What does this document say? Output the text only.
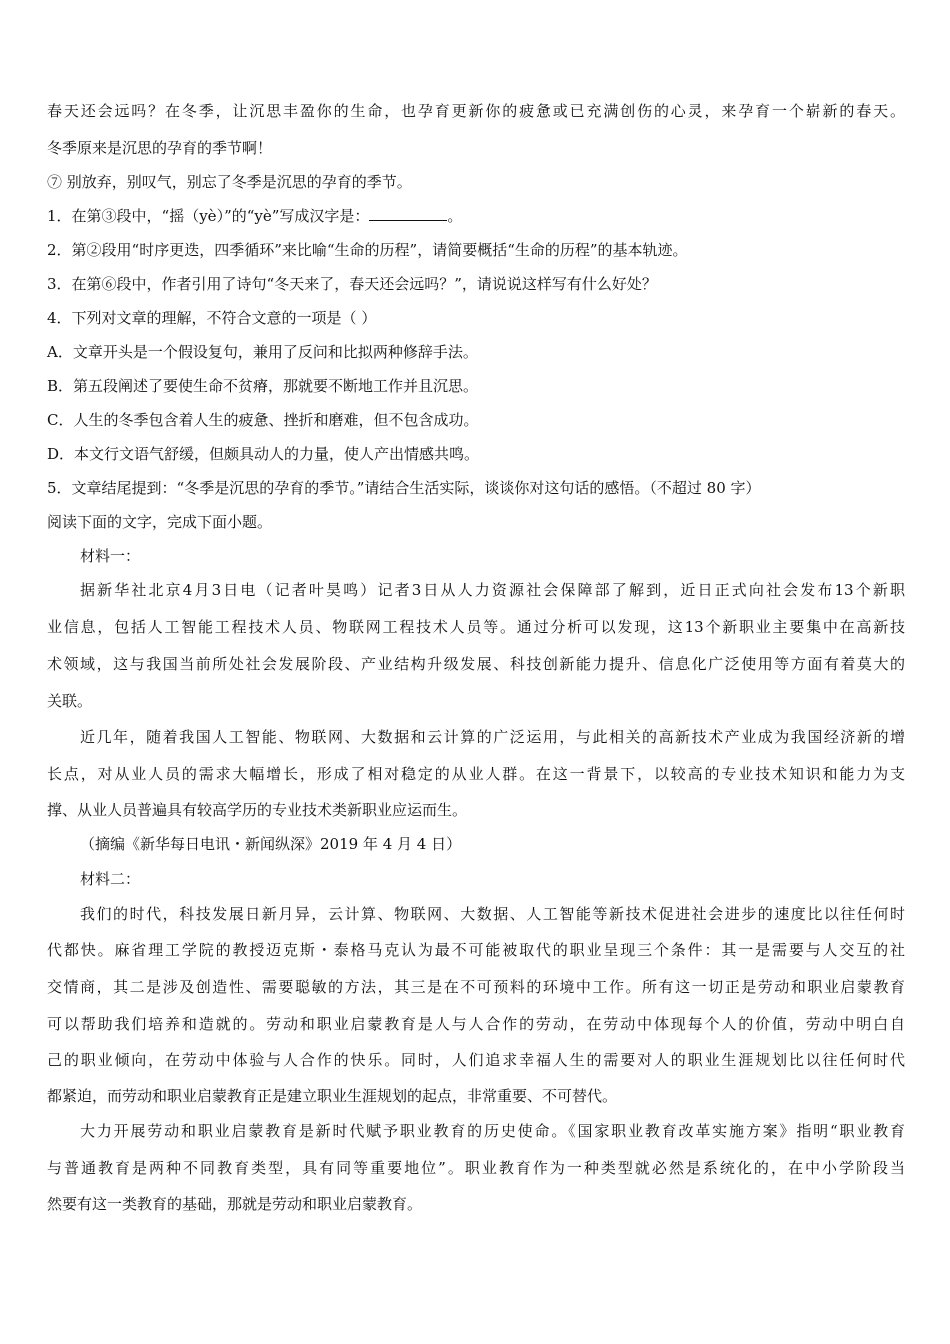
春天还会远吗？在冬季，让沉思丰盈你的生命，也孕育更新你的疲惫或已充满创伤的心灵，来孕育一个崭新的春天。

冬季原来是沉思的孕育的季节啊！

⑦ 别放弃，别叹气，别忘了冬季是沉思的孕育的季节。

1．在第③段中，“摇（yè）”的“yè”写成汉字是：	。

2．第②段用“时序更迭，四季循环”来比喻“生命的历程”，请简要概括“生命的历程”的基本轨迹。

3．在第⑥段中，作者引用了诗句“冬天来了，春天还会远吗？”，请说说这样写有什么好处？

4．下列对文章的理解，不符合文意的一项是（ ）

A．文章开头是一个假设复句，兼用了反问和比拟两种修辞手法。

B．第五段阐述了要使生命不贫瘠，那就要不断地工作并且沉思。

C．人生的冬季包含着人生的疲惫、挫折和磨难，但不包含成功。

D．本文行文语气舒缓，但颇具动人的力量，使人产出情感共鸣。

5．文章结尾提到：“冬季是沉思的孕育的季节。”请结合生活实际，谈谈你对这句话的感悟。（不超过 80 字）

阅读下面的文字，完成下面小题。

材料一：

据新华社北京4月3日电（记者叶昊鸣）记者3日从人力资源社会保障部了解到，近日正式向社会发布13个新职

业信息，包括人工智能工程技术人员、物联网工程技术人员等。通过分析可以发现，这13个新职业主要集中在高新技

术领域，这与我国当前所处社会发展阶段、产业结构升级发展、科技创新能力提升、信息化广泛使用等方面有着莫大的

关联。

近几年，随着我国人工智能、物联网、大数据和云计算的广泛运用，与此相关的高新技术产业成为我国经济新的增

长点，对从业人员的需求大幅增长，形成了相对稳定的从业人群。在这一背景下，以较高的专业技术知识和能力为支

撑、从业人员普遍具有较高学历的专业技术类新职业应运而生。

（摘编《新华每日电讯・新闻纵深》2019 年 4 月 4 日）

材料二：

我们的时代，科技发展日新月异，云计算、物联网、大数据、人工智能等新技术促进社会进步的速度比以往任何时

代都快。麻省理工学院的教授迈克斯・泰格马克认为最不可能被取代的职业呈现三个条件：其一是需要与人交互的社

交情商，其二是涉及创造性、需要聪敏的方法，其三是在不可预料的环境中工作。所有这一切正是劳动和职业启蒙教育

可以帮助我们培养和造就的。劳动和职业启蒙教育是人与人合作的劳动，在劳动中体现每个人的价值，劳动中明白自

己的职业倾向，在劳动中体验与人合作的快乐。同时，人们追求幸福人生的需要对人的职业生涯规划比以往任何时代

都紧迫，而劳动和职业启蒙教育正是建立职业生涯规划的起点，非常重要、不可替代。

大力开展劳动和职业启蒙教育是新时代赋予职业教育的历史使命。《国家职业教育改革实施方案》指明“职业教育

与普通教育是两种不同教育类型，具有同等重要地位”。职业教育作为一种类型就必然是系统化的，在中小学阶段当

然要有这一类教育的基础，那就是劳动和职业启蒙教育。
